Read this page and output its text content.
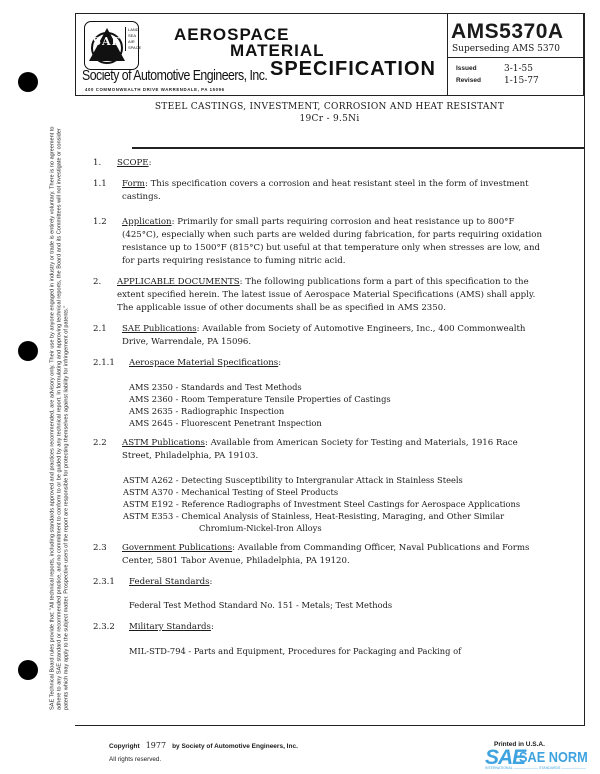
SAE Technical Board rules provide that: "All technical reports, including standards approved and practices recommended, are advisory only. Their use by anyone engaged in industry or trade is entirely voluntary. There is no agreement to adhere to any SAE standard or recommended practice, and no commitment to conform to or be guided by any technical report. In formulating and approving technical reports, the Board and its Committees will not investigate or consider patents which may apply to the subject matter. Prospective users of the report are responsible for protecting themselves against liability for infringement of patents."
SAE
LAND
SEA
AIR
SPACE
Society of Automotive Engineers, Inc.
400 COMMONWEALTH DRIVE WARRENDALE, PA 15096
AEROSPACE
MATERIAL
SPECIFICATION
AMS5370A
Superseding AMS 5370
Issued	3-1-55
Revised	1-15-77
STEEL CASTINGS, INVESTMENT, CORROSION AND HEAT RESISTANT
19Cr - 9.5Ni
1. SCOPE:
1.1 Form: This specification covers a corrosion and heat resistant steel in the form of investment
castings.
1.2 Application: Primarily for small parts requiring corrosion and heat resistance up to 800°F
(425°C), especially when such parts are welded during fabrication, for parts requiring oxidation
resistance up to 1500°F (815°C) but useful at that temperature only when stresses are low, and
for parts requiring resistance to fuming nitric acid.
2. APPLICABLE DOCUMENTS: The following publications form a part of this specification to the
extent specified herein. The latest issue of Aerospace Material Specifications (AMS) shall apply.
The applicable issue of other documents shall be as specified in AMS 2350.
2.1 SAE Publications: Available from Society of Automotive Engineers, Inc., 400 Commonwealth
Drive, Warrendale, PA 15096.
2.1.1 Aerospace Material Specifications:
AMS 2350 - Standards and Test Methods
AMS 2360 - Room Temperature Tensile Properties of Castings
AMS 2635 - Radiographic Inspection
AMS 2645 - Fluorescent Penetrant Inspection
2.2 ASTM Publications: Available from American Society for Testing and Materials, 1916 Race
Street, Philadelphia, PA 19103.
ASTM A262 - Detecting Susceptibility to Intergranular Attack in Stainless Steels
ASTM A370 - Mechanical Testing of Steel Products
ASTM E192 - Reference Radiographs of Investment Steel Castings for Aerospace Applications
ASTM E353 - Chemical Analysis of Stainless, Heat-Resisting, Maraging, and Other Similar
Chromium-Nickel-Iron Alloys
2.3 Government Publications: Available from Commanding Officer, Naval Publications and Forms
Center, 5801 Tabor Avenue, Philadelphia, PA 19120.
2.3.1 Federal Standards:
Federal Test Method Standard No. 151 - Metals; Test Methods
2.3.2 Military Standards:
MIL-STD-794 - Parts and Equipment, Procedures for Packaging and Packing of
Copyright 1977 by Society of Automotive Engineers, Inc.
All rights reserved.
Printed in U.S.A.
SAE
SAE NORM
INTERNATIONAL ——————— STANDARDS ———————
